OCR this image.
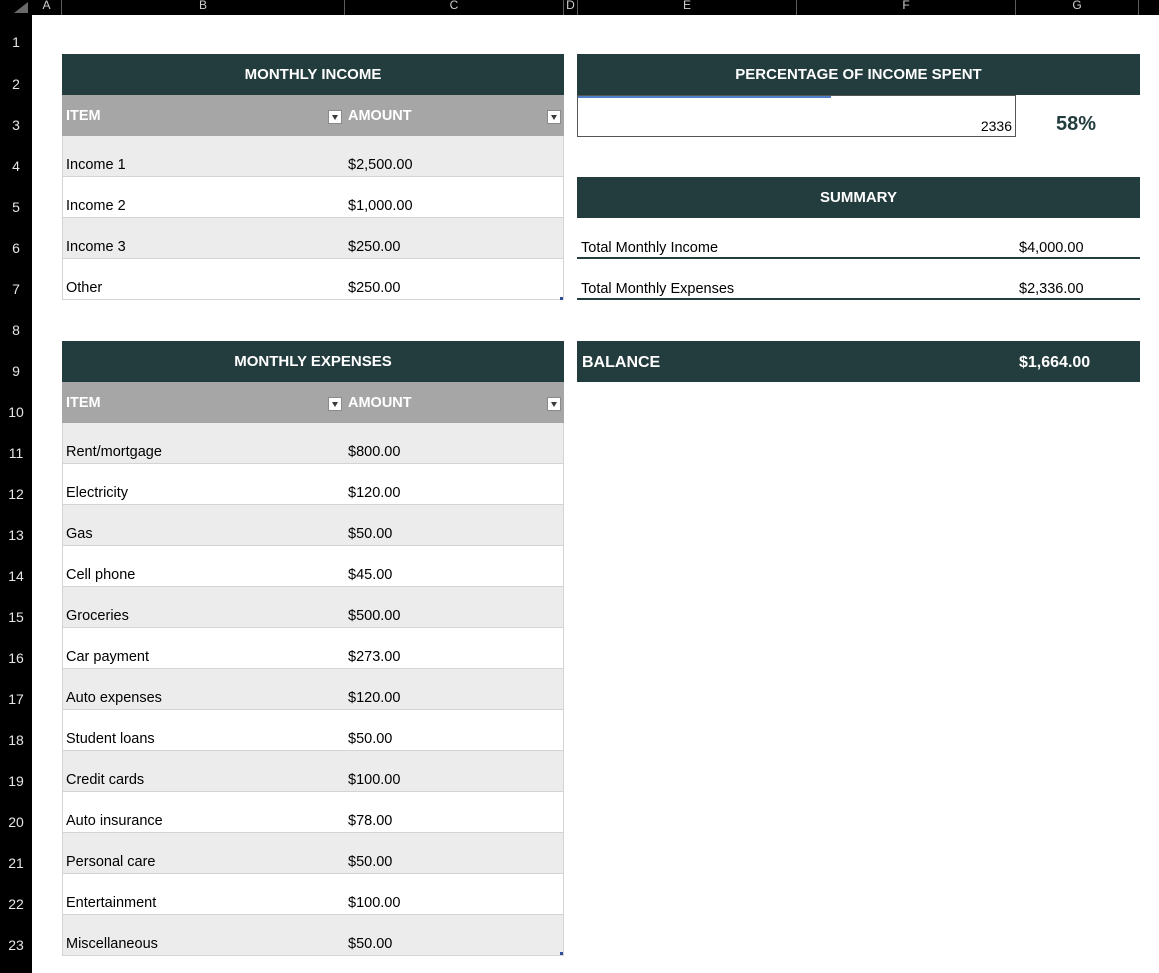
A	B	C	D	E	F	G
1
2
3
4
5
6
7
8
9
10
11
12
13
14
15
16
17
18
19
20
21
22
23
MONTHLY INCOME
ITEM	AMOUNT
Income 1	$2,500.00
Income 2	$1,000.00
Income 3	$250.00
Other	$250.00
PERCENTAGE OF INCOME SPENT
2336 58%
SUMMARY
Total Monthly Income	$4,000.00
Total Monthly Expenses	$2,336.00
BALANCE	$1,664.00
MONTHLY EXPENSES
ITEM	AMOUNT
Rent/mortgage	$800.00
Electricity	$120.00
Gas	$50.00
Cell phone	$45.00
Groceries	$500.00
Car payment	$273.00
Auto expenses	$120.00
Student loans	$50.00
Credit cards	$100.00
Auto insurance	$78.00
Personal care	$50.00
Entertainment	$100.00
Miscellaneous	$50.00
